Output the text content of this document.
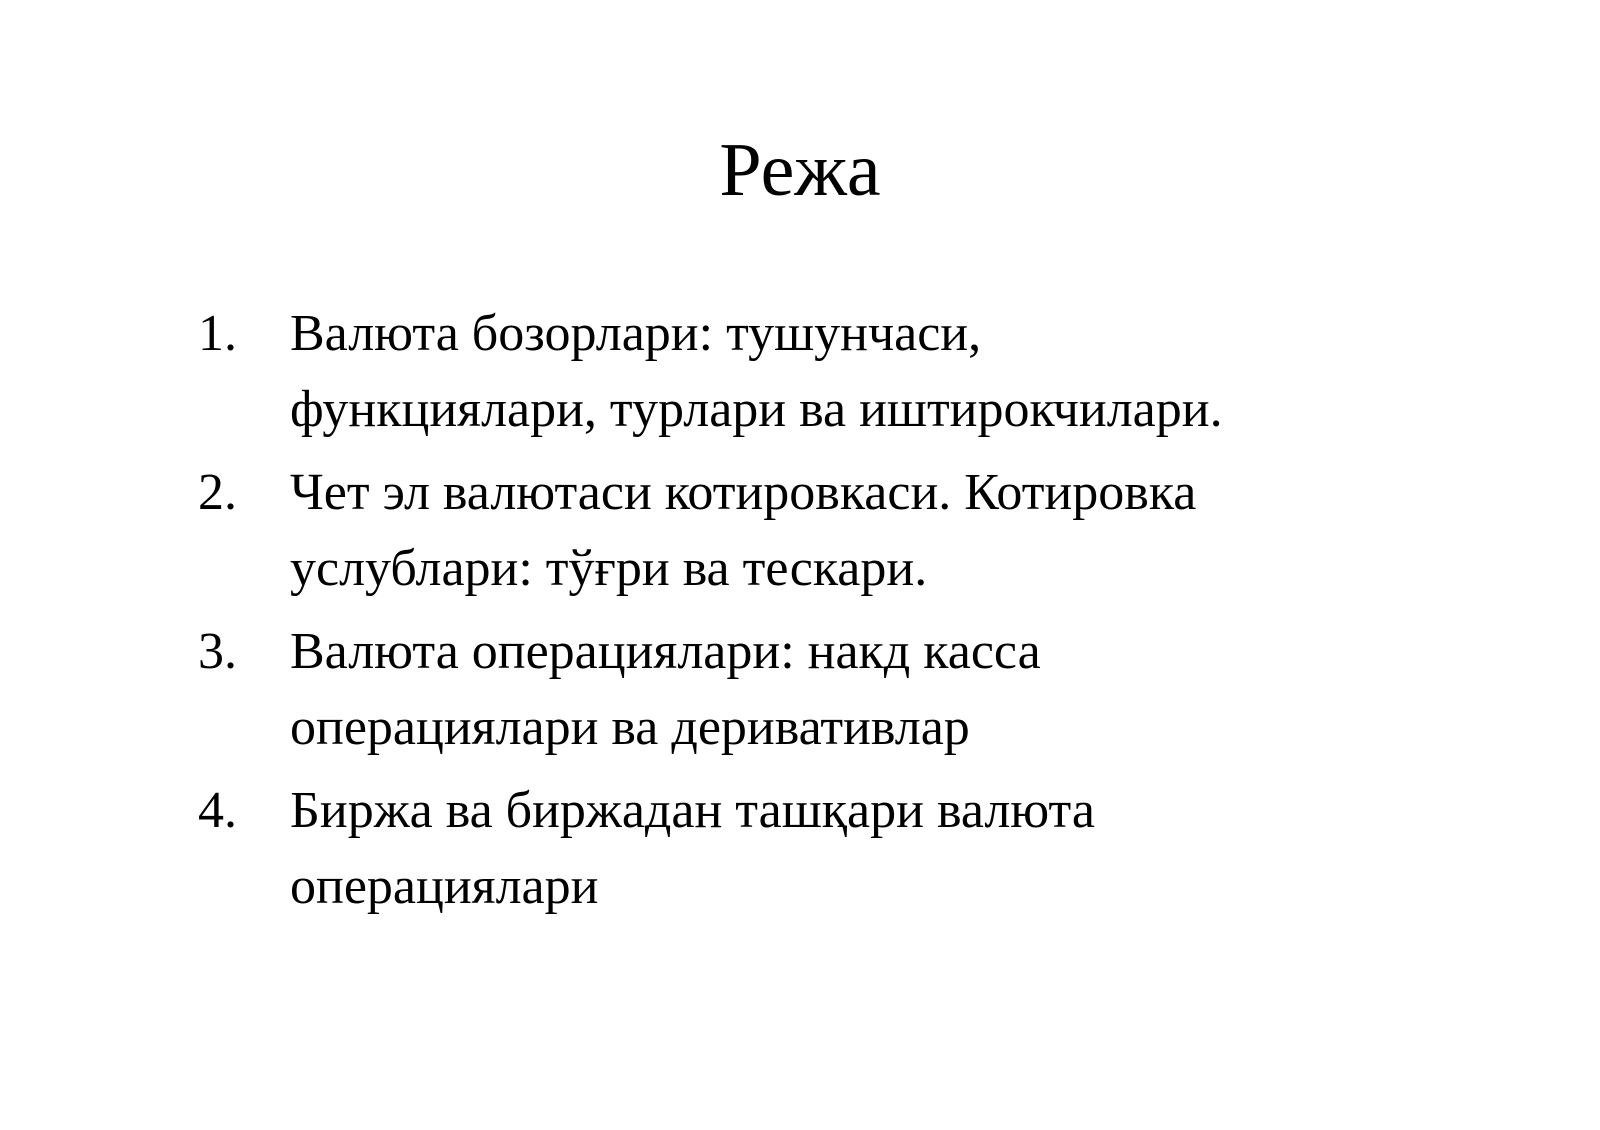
Режа
1.	Валюта бозорлари: тушунчаси,
функциялари, турлари ва иштирокчилари.
2.	Чет эл валютаси котировкаси. Котировка
услублари: тўғри ва тескари.
3.	Валюта операциялари: накд касса
операциялари ва деривативлар
4.	Биржа ва биржадан ташқари валюта
операциялари
